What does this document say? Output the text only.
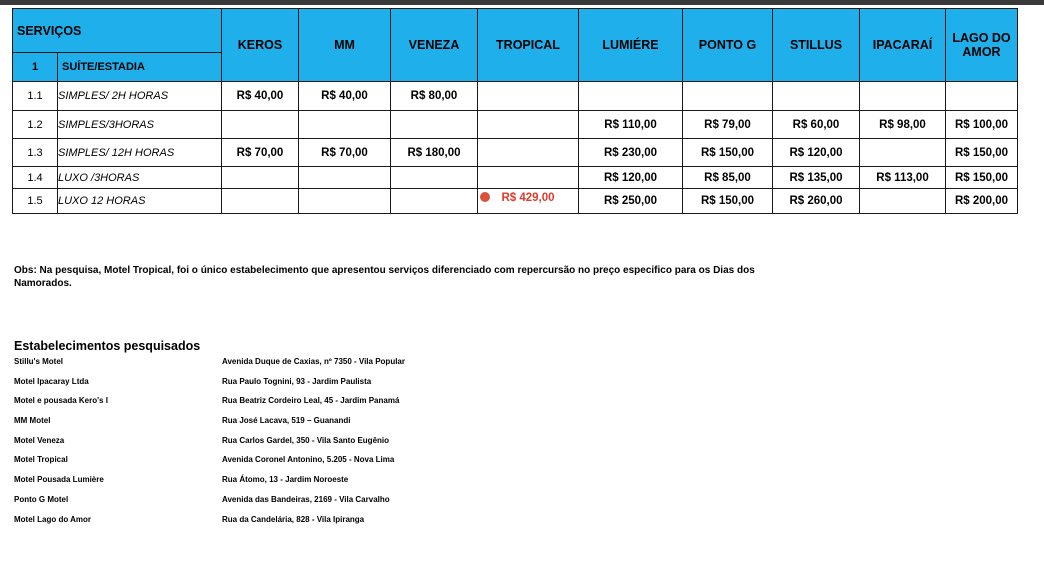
SERVIÇOS		KEROS	MM	VENEZA	TROPICAL	LUMIÉRE	PONTO G	STILLUS	IPACARAÍ	LAGO DO AMOR
1	SUÍTE/ESTADIA									
1.1	SIMPLES/ 2H HORAS	R$ 40,00	R$ 40,00	R$ 80,00						
1.2	SIMPLES/3HORAS					R$ 110,00	R$ 79,00	R$ 60,00	R$ 98,00	R$ 100,00
1.3	SIMPLES/ 12H HORAS	R$ 70,00	R$ 70,00	R$ 180,00		R$ 230,00	R$ 150,00	R$ 120,00		R$ 150,00
1.4	LUXO /3HORAS					R$ 120,00	R$ 85,00	R$ 135,00	R$ 113,00	R$ 150,00
1.5	LUXO 12 HORAS				R$ 429,00	R$ 250,00	R$ 150,00	R$ 260,00		R$ 200,00
Obs: Na pesquisa, Motel Tropical, foi o único estabelecimento que apresentou serviços diferenciado com repercursão no preço especifico para os Dias dos Namorados.
Estabelecimentos pesquisados
Stillu's Motel	Avenida Duque de Caxias, nº 7350 - Vila Popular
Motel Ipacaray Ltda	Rua Paulo Tognini, 93 - Jardim Paulista
Motel e pousada Kero's I	Rua Beatriz Cordeiro Leal, 45 - Jardim Panamá
MM Motel	Rua José Lacava, 519 – Guanandi
Motel Veneza	Rua Carlos Gardel, 350 - Vila Santo Eugênio
Motel Tropical	Avenida Coronel Antonino, 5.205 - Nova Lima
Motel Pousada Lumière	Rua Átomo, 13 - Jardim Noroeste
Ponto G Motel	Avenida das Bandeiras, 2169 - Vila Carvalho
Motel Lago do Amor	Rua da Candelária, 828 - Vila Ipiranga
